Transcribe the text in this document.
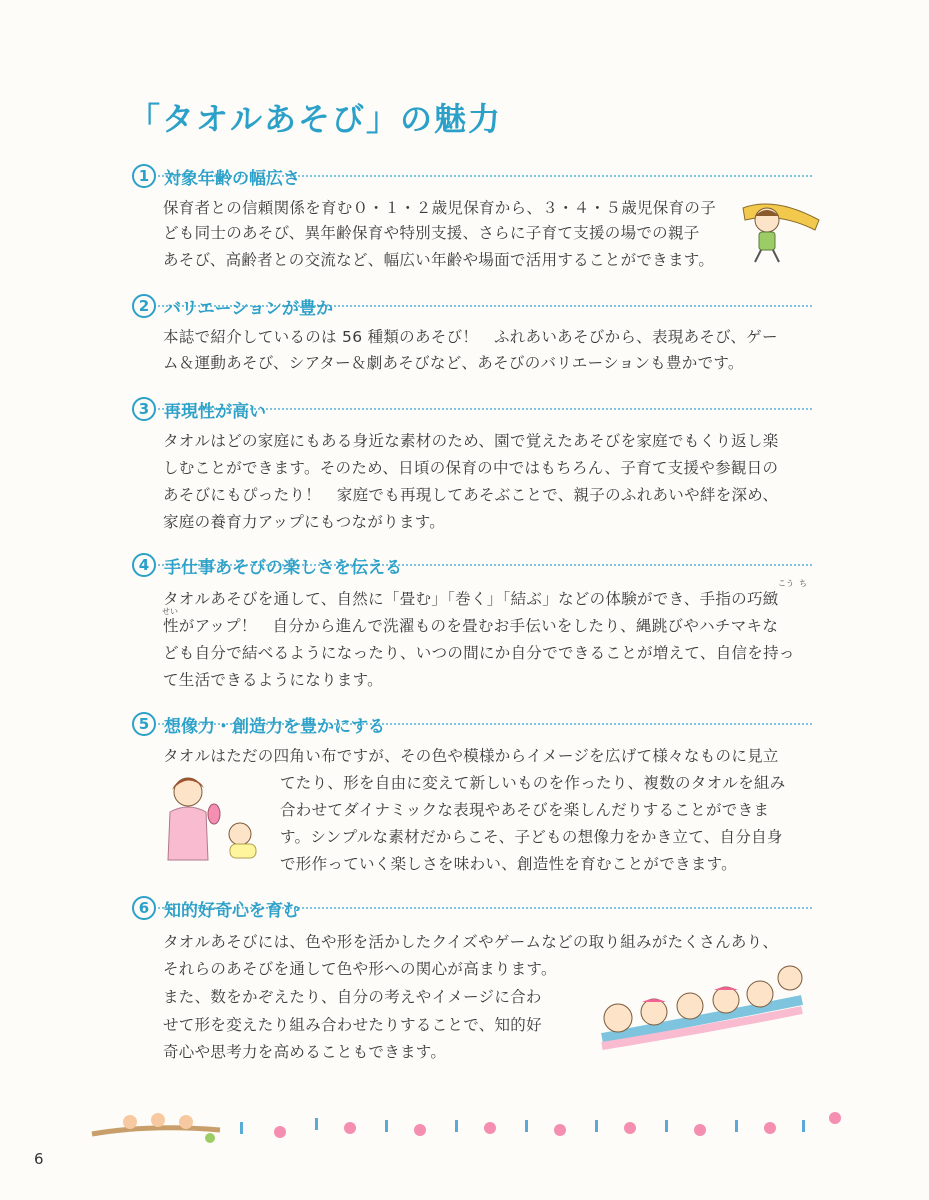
「タオルあそび」の魅力
1 対象年齢の幅広さ
保育者との信頼関係を育む０・１・２歳児保育から、３・４・５歳児保育の子
ども同士のあそび、異年齢保育や特別支援、さらに子育て支援の場での親子
あそび、高齢者との交流など、幅広い年齢や場面で活用することができます。
2 バリエーションが豊か
本誌で紹介しているのは 56 種類のあそび！　ふれあいあそびから、表現あそび、ゲー
ム＆運動あそび、シアター＆劇あそびなど、あそびのバリエーションも豊かです。
3 再現性が高い
タオルはどの家庭にもある身近な素材のため、園で覚えたあそびを家庭でもくり返し楽
しむことができます。そのため、日頃の保育の中ではもちろん、子育て支援や参観日の
あそびにもぴったり！　家庭でも再現してあそぶことで、親子のふれあいや絆を深め、
家庭の養育力アップにもつながります。
4 手仕事あそびの楽しさを伝える
こう ち
せい
タオルあそびを通して、自然に「畳む」「巻く」「結ぶ」などの体験ができ、手指の巧緻
性がアップ！　自分から進んで洗濯ものを畳むお手伝いをしたり、縄跳びやハチマキな
ども自分で結べるようになったり、いつの間にか自分でできることが増えて、自信を持っ
て生活できるようになります。
5 想像力・創造力を豊かにする
タオルはただの四角い布ですが、その色や模様からイメージを広げて様々なものに見立
てたり、形を自由に変えて新しいものを作ったり、複数のタオルを組み
合わせてダイナミックな表現やあそびを楽しんだりすることができま
す。シンプルな素材だからこそ、子どもの想像力をかき立て、自分自身
で形作っていく楽しさを味わい、創造性を育むことができます。
6 知的好奇心を育む
タオルあそびには、色や形を活かしたクイズやゲームなどの取り組みがたくさんあり、
それらのあそびを通して色や形への関心が高まります。
また、数をかぞえたり、自分の考えやイメージに合わ
せて形を変えたり組み合わせたりすることで、知的好
奇心や思考力を高めることもできます。
6
